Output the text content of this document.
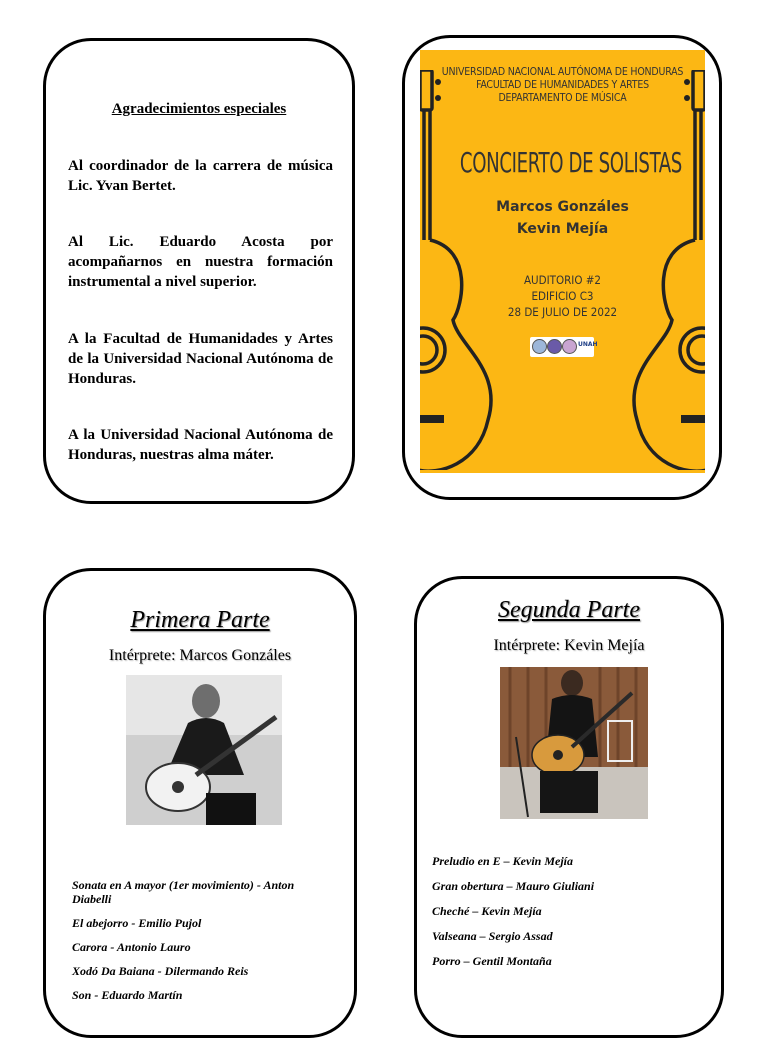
Agradecimientos especiales

Al coordinador de la carrera de música Lic. Yvan Bertet.

Al Lic. Eduardo Acosta por acompañarnos en nuestra formación instrumental a nivel superior.

A la Facultad de Humanidades y Artes de la Universidad Nacional Autónoma de Honduras.

A la Universidad Nacional Autónoma de Honduras, nuestras alma máter.

UNIVERSIDAD NACIONAL AUTÓNOMA DE HONDURAS
FACULTAD DE HUMANIDADES Y ARTES
DEPARTAMENTO DE MÚSICA
CONCIERTO DE SOLISTAS
Marcos Gonzáles
Kevin Mejía
AUDITORIO #2
EDIFICIO C3
28 DE JULIO DE 2022
UNAH
Primera Parte
Intérprete: Marcos Gonzáles
Sonata en A mayor (1er movimiento) - Anton Diabelli
El abejorro - Emilio Pujol
Carora - Antonio Lauro
Xodó Da Baiana - Dilermando Reis
Son - Eduardo Martín
Segunda Parte
Intérprete: Kevin Mejía
Preludio en E – Kevin Mejía
Gran obertura – Mauro Giuliani
Cheché – Kevin Mejía
Valseana – Sergio Assad
Porro – Gentil Montaña
